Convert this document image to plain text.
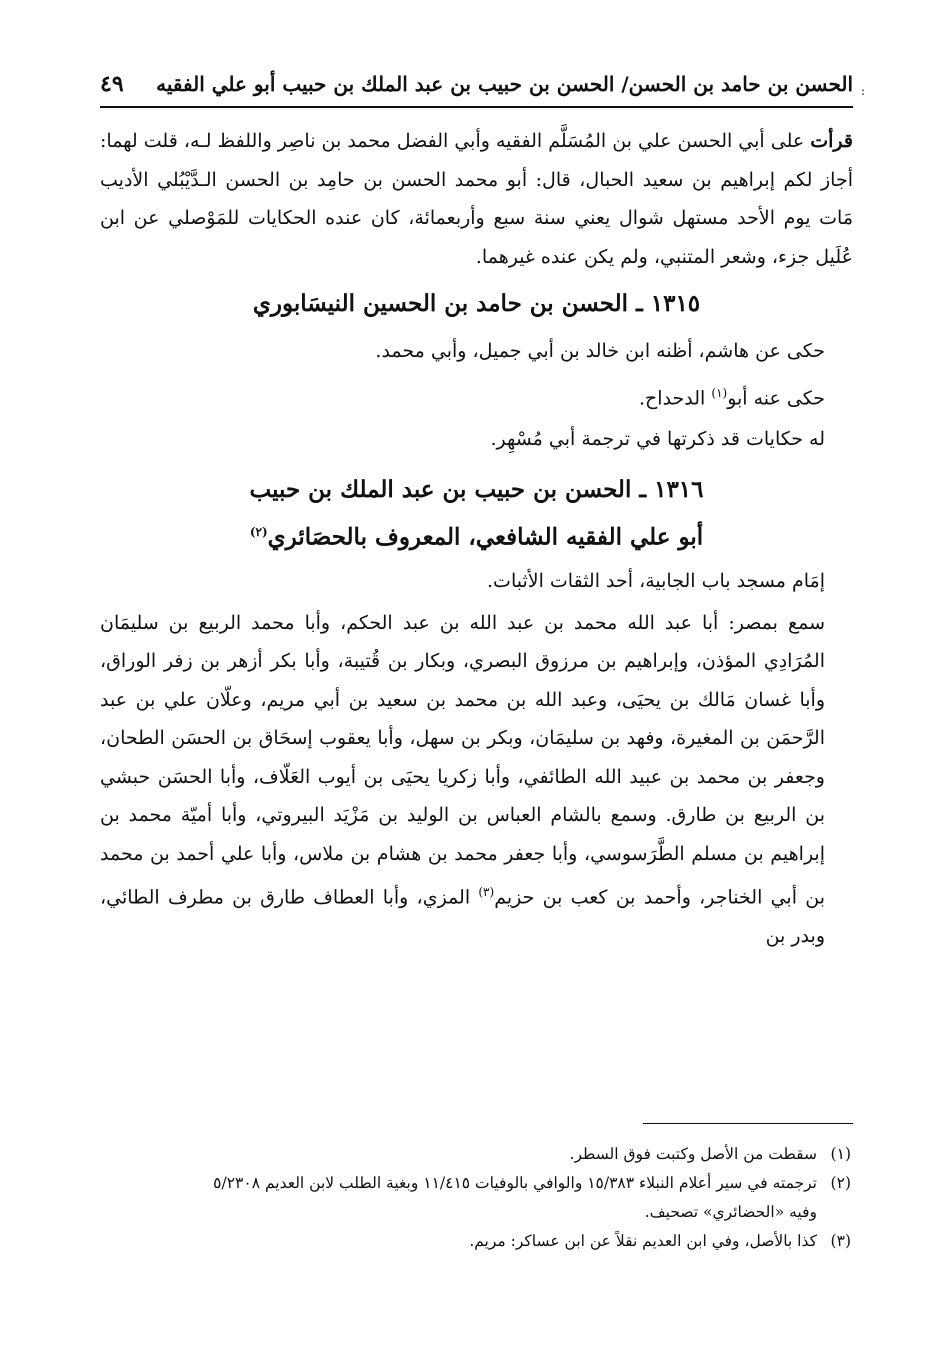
الحسن بن حامد بن الحسن/ الحسن بن حبيب بن عبد الملك بن حبيب أبو علي الفقيه
٤٩	:

قرأت على أبي الحسن علي بن المُسَلَّم الفقيه وأبي الفضل محمد بن ناصِر واللفظ لـه، قلت لهما: أجاز لكم إبراهيم بن سعيد الحبال، قال: أبو محمد الحسن بن حامِد بن الحسن الـدَّيْبُلي الأديب مَات يوم الأحد مستهل شوال يعني سنة سبع وأربعمائة، كان عنده الحكايات للمَوْصلي عن ابن عُلَيل جزء، وشعر المتنبي، ولم يكن عنده غيرهما.

١٣١٥ ـ الحسن بن حامد بن الحسين النيسَابوري

حكى عن هاشم، أظنه ابن خالد بن أبي جميل، وأبي محمد.

حكى عنه أبو$^{(١)}$ الدحداح.

له حكايات قد ذكرتها في ترجمة أبي مُسْهِر.

١٣١٦ ـ الحسن بن حبيب بن عبد الملك بن حبيب
أبو علي الفقيه الشافعي، المعروف بالحصَائري$^{(٢)}$

إمَام مسجد باب الجابية، أحد الثقات الأثبات.

سمع بمصر: أبا عبد الله محمد بن عبد الله بن عبد الحكم، وأبا محمد الربيع بن سليمَان المُرَادِي المؤذن، وإبراهيم بن مرزوق البصري، وبكار بن قُتيبة، وأبا بكر أزهر بن زفر الوراق، وأبا غسان مَالك بن يحيَى، وعبد الله بن محمد بن سعيد بن أبي مريم، وعلّان علي بن عبد الرَّحمَن بن المغيرة، وفهد بن سليمَان، وبكر بن سهل، وأبا يعقوب إسحَاق بن الحسَن الطحان، وجعفر بن محمد بن عبيد الله الطائفي، وأبا زكريا يحيَى بن أيوب العَلّاف، وأبا الحسَن حبشي بن الربيع بن طارق. وسمع بالشام العباس بن الوليد بن مَزْيَد البيروتي، وأبا أميّة محمد بن إبراهيم بن مسلم الطَّرَسوسي، وأبا جعفر محمد بن هشام بن ملاس، وأبا علي أحمد بن محمد بن أبي الخناجر، وأحمد بن كعب بن حزيم$^{(٣)}$ المزي، وأبا العطاف طارق بن مطرف الطائي، وبدر بن

(١)
سقطت من الأصل وكتبت فوق السطر.
(٢)
ترجمته في سير أعلام النبلاء ١٥/٣٨٣ والوافي بالوفيات ١١/٤١٥ وبغية الطلب لابن العديم ٥/٢٣٠٨
وفيه «الحضائري» تصحيف.
(٣)
كذا بالأصل، وفي ابن العديم نقلاً عن ابن عساكر: مريم.
